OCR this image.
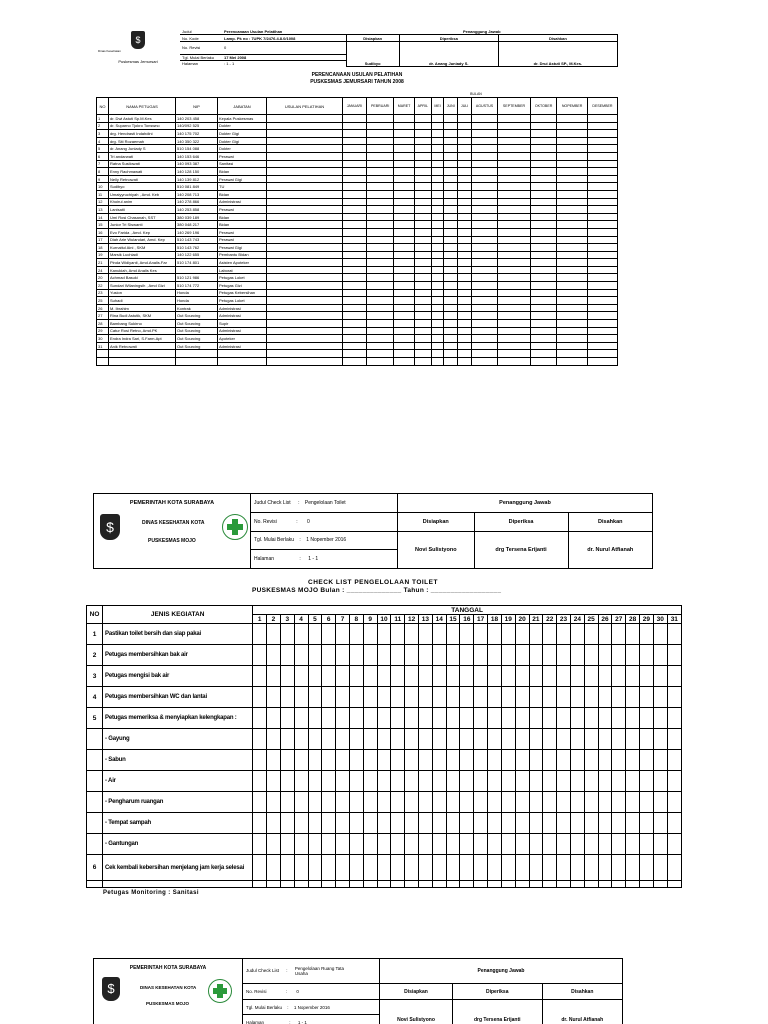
$
Dinas Kesehatan
Puskesmas Jemursari	Judul	Perencanaan Usulan Pelatihan	Penanggung Jawab		
	No. Kode	Lamp. Pk no : 7UPK 7/2476.4.8.0/1008	Disiapkan	Diperiksa	Disahkan
	No. Revisi	0	Sudibyo	dr. Anang Juniady S.	dr. Drui Astuti SP., M.Kes.
	Tgl. Mulai Berlaku	17 Mei 2008			
	Halaman	: 1 - 1			
PERENCANAAN USULAN PELATIHAN
PUSKESMAS JEMURSARI TAHUN 2008
BULAN
NO	NAMA PETUGAS	NIP	JABATAN	USULAN PELATIHAN	JANUARI	PEBRUARI	MARET	APRIL	MEI	JUNI	JULI	AGUSTUS	SEPTEMBER	OKTOBER	NOPEMBER	DESEMBER
1	dr. Dwi Astuti Sp.M.Kes	140 203 458	Kepala Puskesmas													
2	dr. Suparno Tjokro Tonswno	140/092 525	Dokter													
3	drg. Hendrasti Indahdini	140 175 702	Dokter Gigi													
4	drg. Siti Rozaemah	140 350 322	Dokter Gigi													
5	dr. Anang Juniady S	510 154 088	Dokter													
6	Tri andarwati	140 153 646	Perawat													
7	Ratna Susilowati	140 093 387	Sanitasi													
8	Enny Rachmawati	140 128 150	Bidan													
9	Nelly Retnowati	140 139 812	Perawat Gigi													
10	Sudibyo	510 081 849	TU													
11	Umaiyyruchiyah , Amd. Keb	140 208 713	Bidan													
12	Khoirul anim	140 278 866	Administrasi													
13	Lanisaiti	140 253 858	Perawat													
14	Umi Rosi Chasanah, SST	380 039 189	Bidan													
15	Junior Tri Siswanti	380 048 217	Bidan													
16	Evo Farida , Amd. Kep	140 269 196	Perawat													
17	Diah Arie Wulandari, Amd. Kep	510 143 743	Perawat													
18	Kurnaitul Aini , SKM	510 143 762	Perawat Gigi													
19	Marsik Luchiadi	140 122 655	Pembantu Bidan													
21	Pinda Widiyanti, Amd.Analis.Far	510 174 801	Asisten Apoteker													
24	Kanukiah, Amd Analis Kes		Laborat													
20	Achmad Basuki	510 121 986	Petugas Loket													
22	Sundari Wilaningsih , Amd Gizi	510 174 772	Petugas Gizi													
23	Yusion	Honda	Petugas Kebersihan													
25	Suhadi	Honda	Petugas Loket													
26	M. Ibrahim	Kontrak	Administrasi													
27	Rina Budi Astutik, SKM	Out Sourcing	Administrasi													
28	Bambang Sukirno	Out Sourcing	Supir													
29	Catur Rosi Retno, Amd.PK	Out Sourcing	Administrasi													
30	Endra Indra Sari, S.Farm.Apt	Out Sourcing	Apoteker													
31	Anik Retnowati	Out Sourcing	Administrasi													

PEMERINTAH KOTA SURABAYA
$ DINAS KESEHATAN KOTA
PUSKESMAS MOJO	Judul Check List : Pengelolaan Toilet	Penanggung Jawab		
	No. Revisi : 0	Disiapkan	Diperiksa	Disahkan
	Tgl. Mulai Berlaku : 1 Nopember 2016	Novi Sulistyono	drg Tersena Erijanti	dr. Nurul Atfianah
	Halaman : 1 - 1			
CHECK LIST PENGELOLAAN TOILET
PUSKESMAS MOJO Bulan : ______________ Tahun : __________________
NO	JENIS KEGIATAN	TANGGAL																														
		1	2	3	4	5	6	7	8	9	10	11	12	13	14	15	16	17	18	19	20	21	22	23	24	25	26	27	28	29	30	31
1	Pastikan toilet bersih dan siap pakai																															
2	Petugas membersihkan bak air																															
3	Petugas mengisi bak air																															
4	Petugas membersihkan WC dan lantai																															
5	Petugas memeriksa & menyiapkan kelengkapan :																															
	- Gayung																															
	- Sabun																															
	- Air																															
	- Pengharum ruangan																															
	- Tempat sampah																															
	- Gantungan																															
6	Cek kembali kebersihan menjelang jam kerja selesai																															

Petugas Monitoring : Sanitasi
PEMERINTAH KOTA SURABAYA
$ DINAS KESEHATAN KOTA
PUSKESMAS MOJO	Judul Check List : Pengelolaan Ruang Tata Usaha	Penanggung Jawab		
	No. Revisi : 0	Disiapkan	Diperiksa	Disahkan
	Tgl. Mulai Berlaku : 1 Nopember 2016	Novi Sulistyono	drg Tersena Erijanti	dr. Nurul Atfianah
	Halaman : 1 - 1			
